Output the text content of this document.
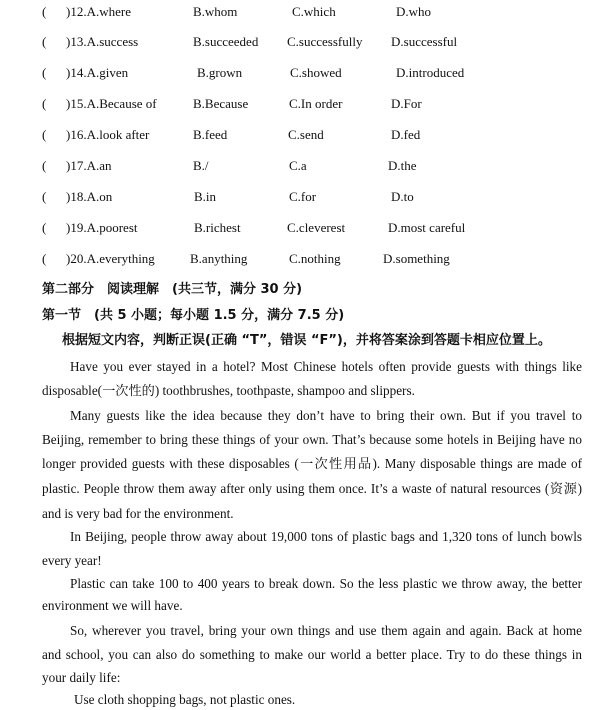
( )12.A.where	B.whom	C.which	D.who
( )13.A.success	B.succeeded C.successfully D.successful
( )14.A.given	B.grown	C.showed	D.introduced
( )15.A.Because of	B.Because	C.In order	D.For
( )16.A.look after	B.feed	C.send	D.fed
( )17.A.an	B./	C.a	D.the
( )18.A.on	B.in	C.for	D.to
( )19.A.poorest	B.richest	C.cleverest	D.most careful
( )20.A.everything	B.anything	C.nothing	D.something
第二部分　阅读理解　(共三节，满分 30 分)
第一节　(共 5 小题；每小题 1.5 分，满分 7.5 分)
根据短文内容，判断正误(正确 “T”，错误 “F”)，并将答案涂到答题卡相应位置上。
Have you ever stayed in a hotel? Most Chinese hotels often provide guests with things like
disposable(一次性的) toothbrushes, toothpaste, shampoo and slippers.
Many guests like the idea because they don’t have to bring their own. But if you travel to
Beijing, remember to bring these things of your own. That’s because some hotels in Beijing have no
longer provided guests with these disposables (一次性用品). Many disposable things are made of
plastic. People throw them away after only using them once. It’s a waste of natural resources (资源)
and is very bad for the environment.
In Beijing, people throw away about 19,000 tons of plastic bags and 1,320 tons of lunch bowls
every year!
Plastic can take 100 to 400 years to break down. So the less plastic we throw away, the better
environment we will have.
So, wherever you travel, bring your own things and use them again and again. Back at home
and school, you can also do something to make our world a better place. Try to do these things in
your daily life:
Use cloth shopping bags, not plastic ones.
